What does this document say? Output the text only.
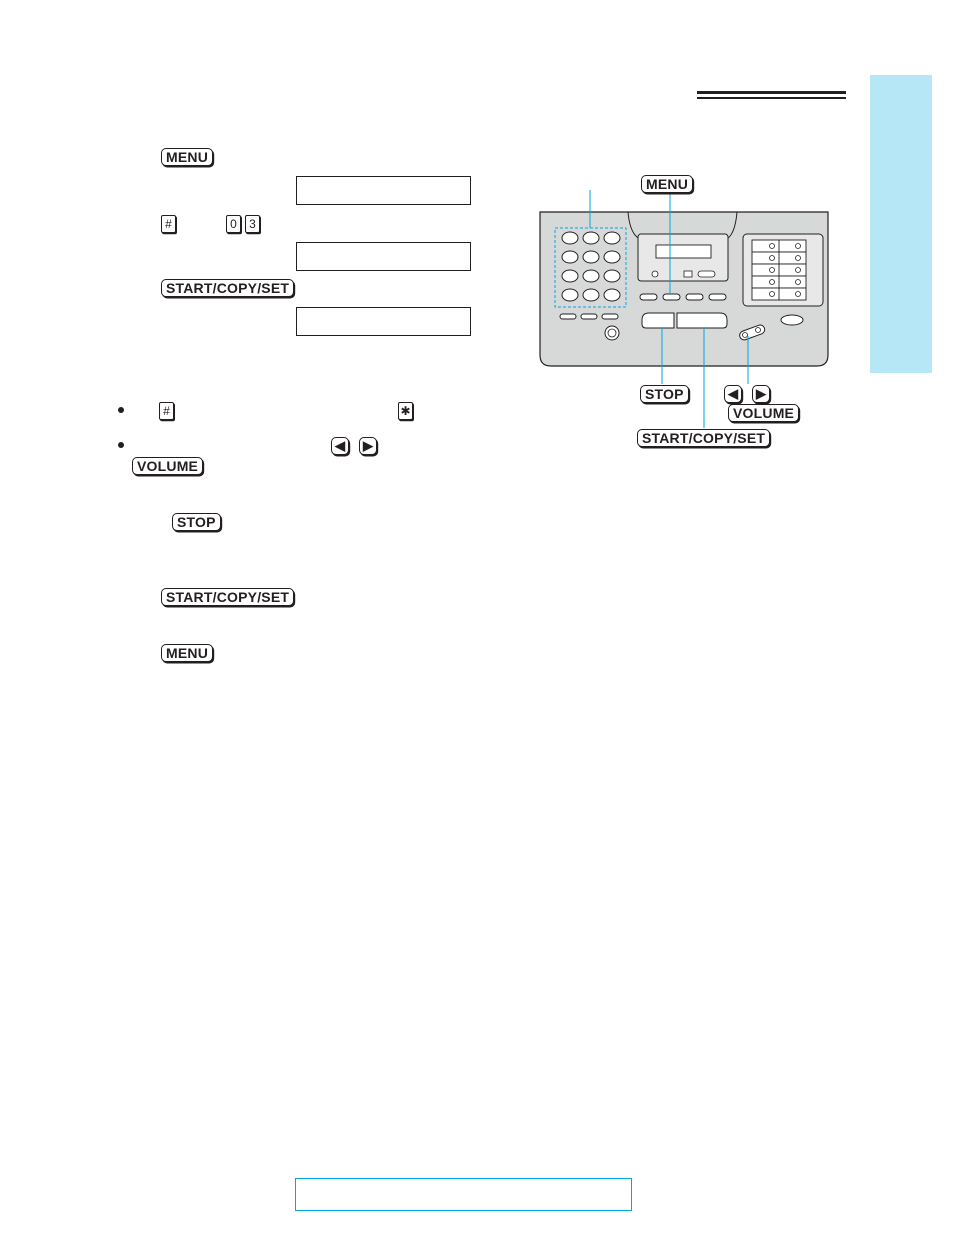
MENU
#	0	3
START/COPY/SET
#	✱
◀	▶
VOLUME
STOP
START/COPY/SET
MENU
MENU
STOP	◀	▶
VOLUME
START/COPY/SET
